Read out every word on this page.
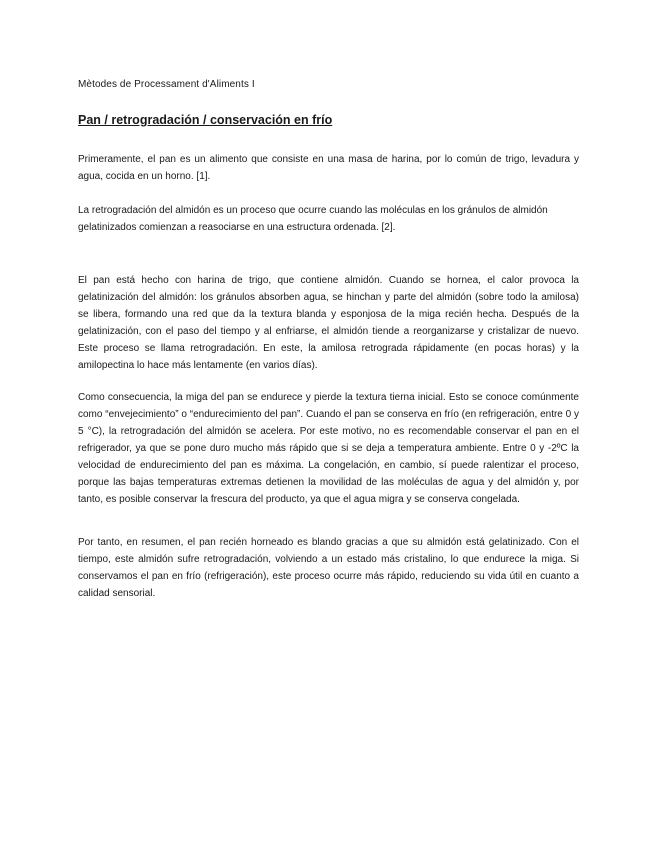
Mètodes de Processament d'Aliments I
Pan / retrogradación / conservación en frío

Primeramente, el pan es un alimento que consiste en una masa de harina, por lo común de trigo, levadura y agua, cocida en un horno. [1].

La retrogradación del almidón es un proceso que ocurre cuando las moléculas en los gránulos de almidón gelatinizados comienzan a reasociarse en una estructura ordenada. [2].

El pan está hecho con harina de trigo, que contiene almidón. Cuando se hornea, el calor provoca la gelatinización del almidón: los gránulos absorben agua, se hinchan y parte del almidón (sobre todo la amilosa) se libera, formando una red que da la textura blanda y esponjosa de la miga recién hecha. Después de la gelatinización, con el paso del tiempo y al enfriarse, el almidón tiende a reorganizarse y cristalizar de nuevo. Este proceso se llama retrogradación. En este, la amilosa retrograda rápidamente (en pocas horas) y la amilopectina lo hace más lentamente (en varios días).

Como consecuencia, la miga del pan se endurece y pierde la textura tierna inicial. Esto se conoce comúnmente como “envejecimiento” o “endurecimiento del pan”. Cuando el pan se conserva en frío (en refrigeración, entre 0 y 5 °C), la retrogradación del almidón se acelera. Por este motivo, no es recomendable conservar el pan en el refrigerador, ya que se pone duro mucho más rápido que si se deja a temperatura ambiente. Entre 0 y -2ºC la velocidad de endurecimiento del pan es máxima. La congelación, en cambio, sí puede ralentizar el proceso, porque las bajas temperaturas extremas detienen la movilidad de las moléculas de agua y del almidón y, por tanto, es posible conservar la frescura del producto, ya que el agua migra y se conserva congelada.

Por tanto, en resumen, el pan recién horneado es blando gracias a que su almidón está gelatinizado. Con el tiempo, este almidón sufre retrogradación, volviendo a un estado más cristalino, lo que endurece la miga. Si conservamos el pan en frío (refrigeración), este proceso ocurre más rápido, reduciendo su vida útil en cuanto a calidad sensorial.
